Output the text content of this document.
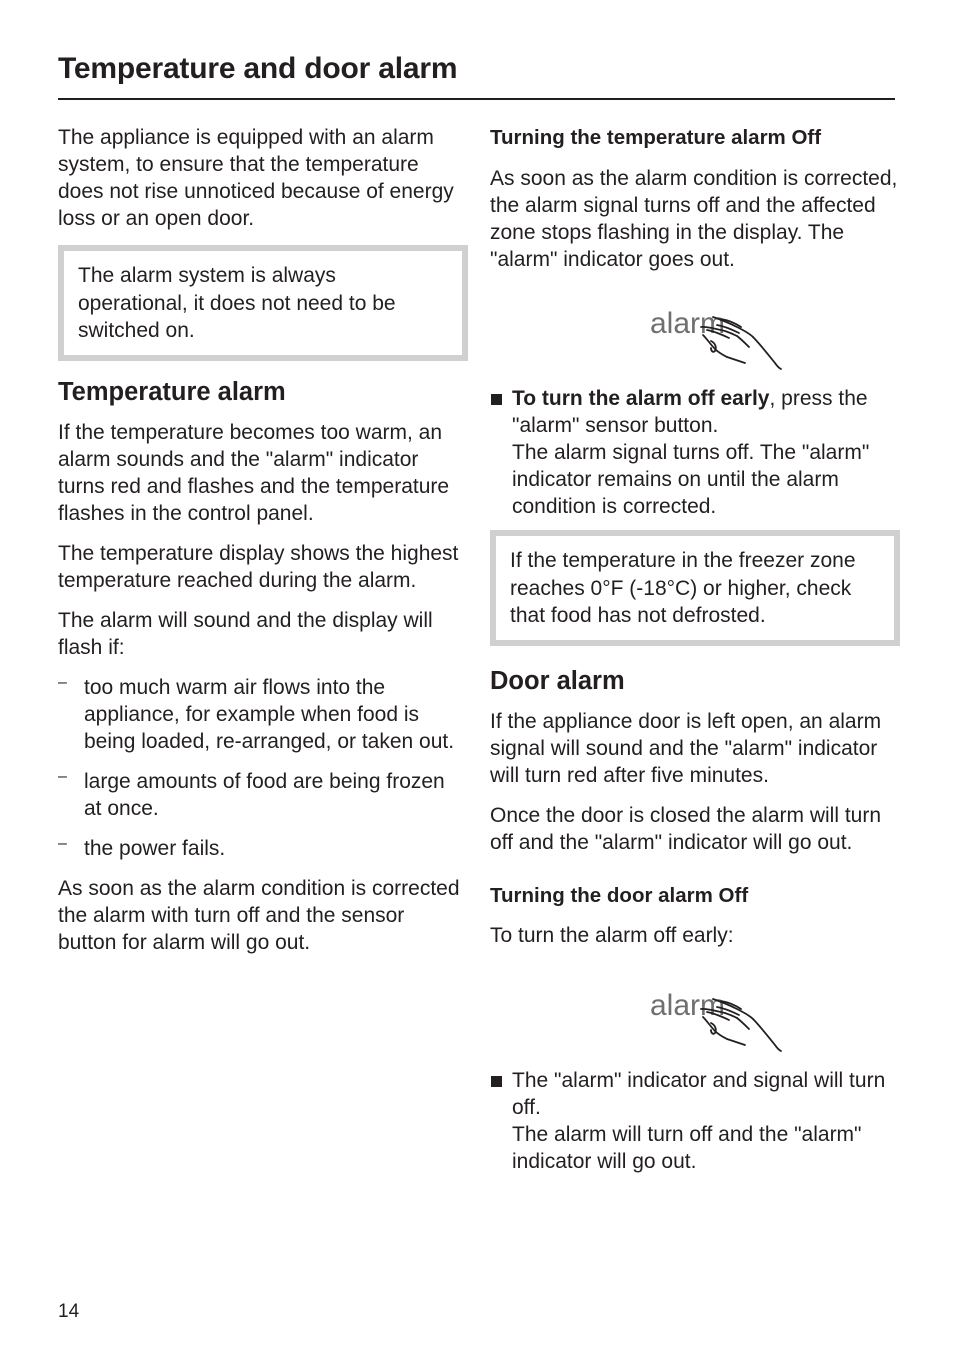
Temperature and door alarm

The appliance is equipped with an alarm system, to ensure that the temperature does not rise unnoticed because of energy loss or an open door.

The alarm system is always operational, it does not need to be switched on.

Temperature alarm

If the temperature becomes too warm, an alarm sounds and the "alarm" indicator turns red and flashes and the temperature flashes in the control panel.

The temperature display shows the highest temperature reached during the alarm.

The alarm will sound and the display will flash if:

– too much warm air flows into the appliance, for example when food is being loaded, re-arranged, or taken out.

– large amounts of food are being frozen at once.

– the power fails.

As soon as the alarm condition is corrected the alarm with turn off and the sensor button for alarm will go out.

Turning the temperature alarm Off

As soon as the alarm condition is corrected, the alarm signal turns off and the affected zone stops flashing in the display. The "alarm" indicator goes out.

alarm

To turn the alarm off early, press the "alarm" sensor button.

The alarm signal turns off. The "alarm" indicator remains on until the alarm condition is corrected.

If the temperature in the freezer zone reaches 0°F (-18°C) or higher, check that food has not defrosted.

Door alarm

If the appliance door is left open, an alarm signal will sound and the "alarm" indicator will turn red after five minutes.

Once the door is closed the alarm will turn off and the "alarm" indicator will go out.

Turning the door alarm Off

To turn the alarm off early:

alarm

The "alarm" indicator and signal will turn off.

The alarm will turn off and the "alarm" indicator will go out.

14
